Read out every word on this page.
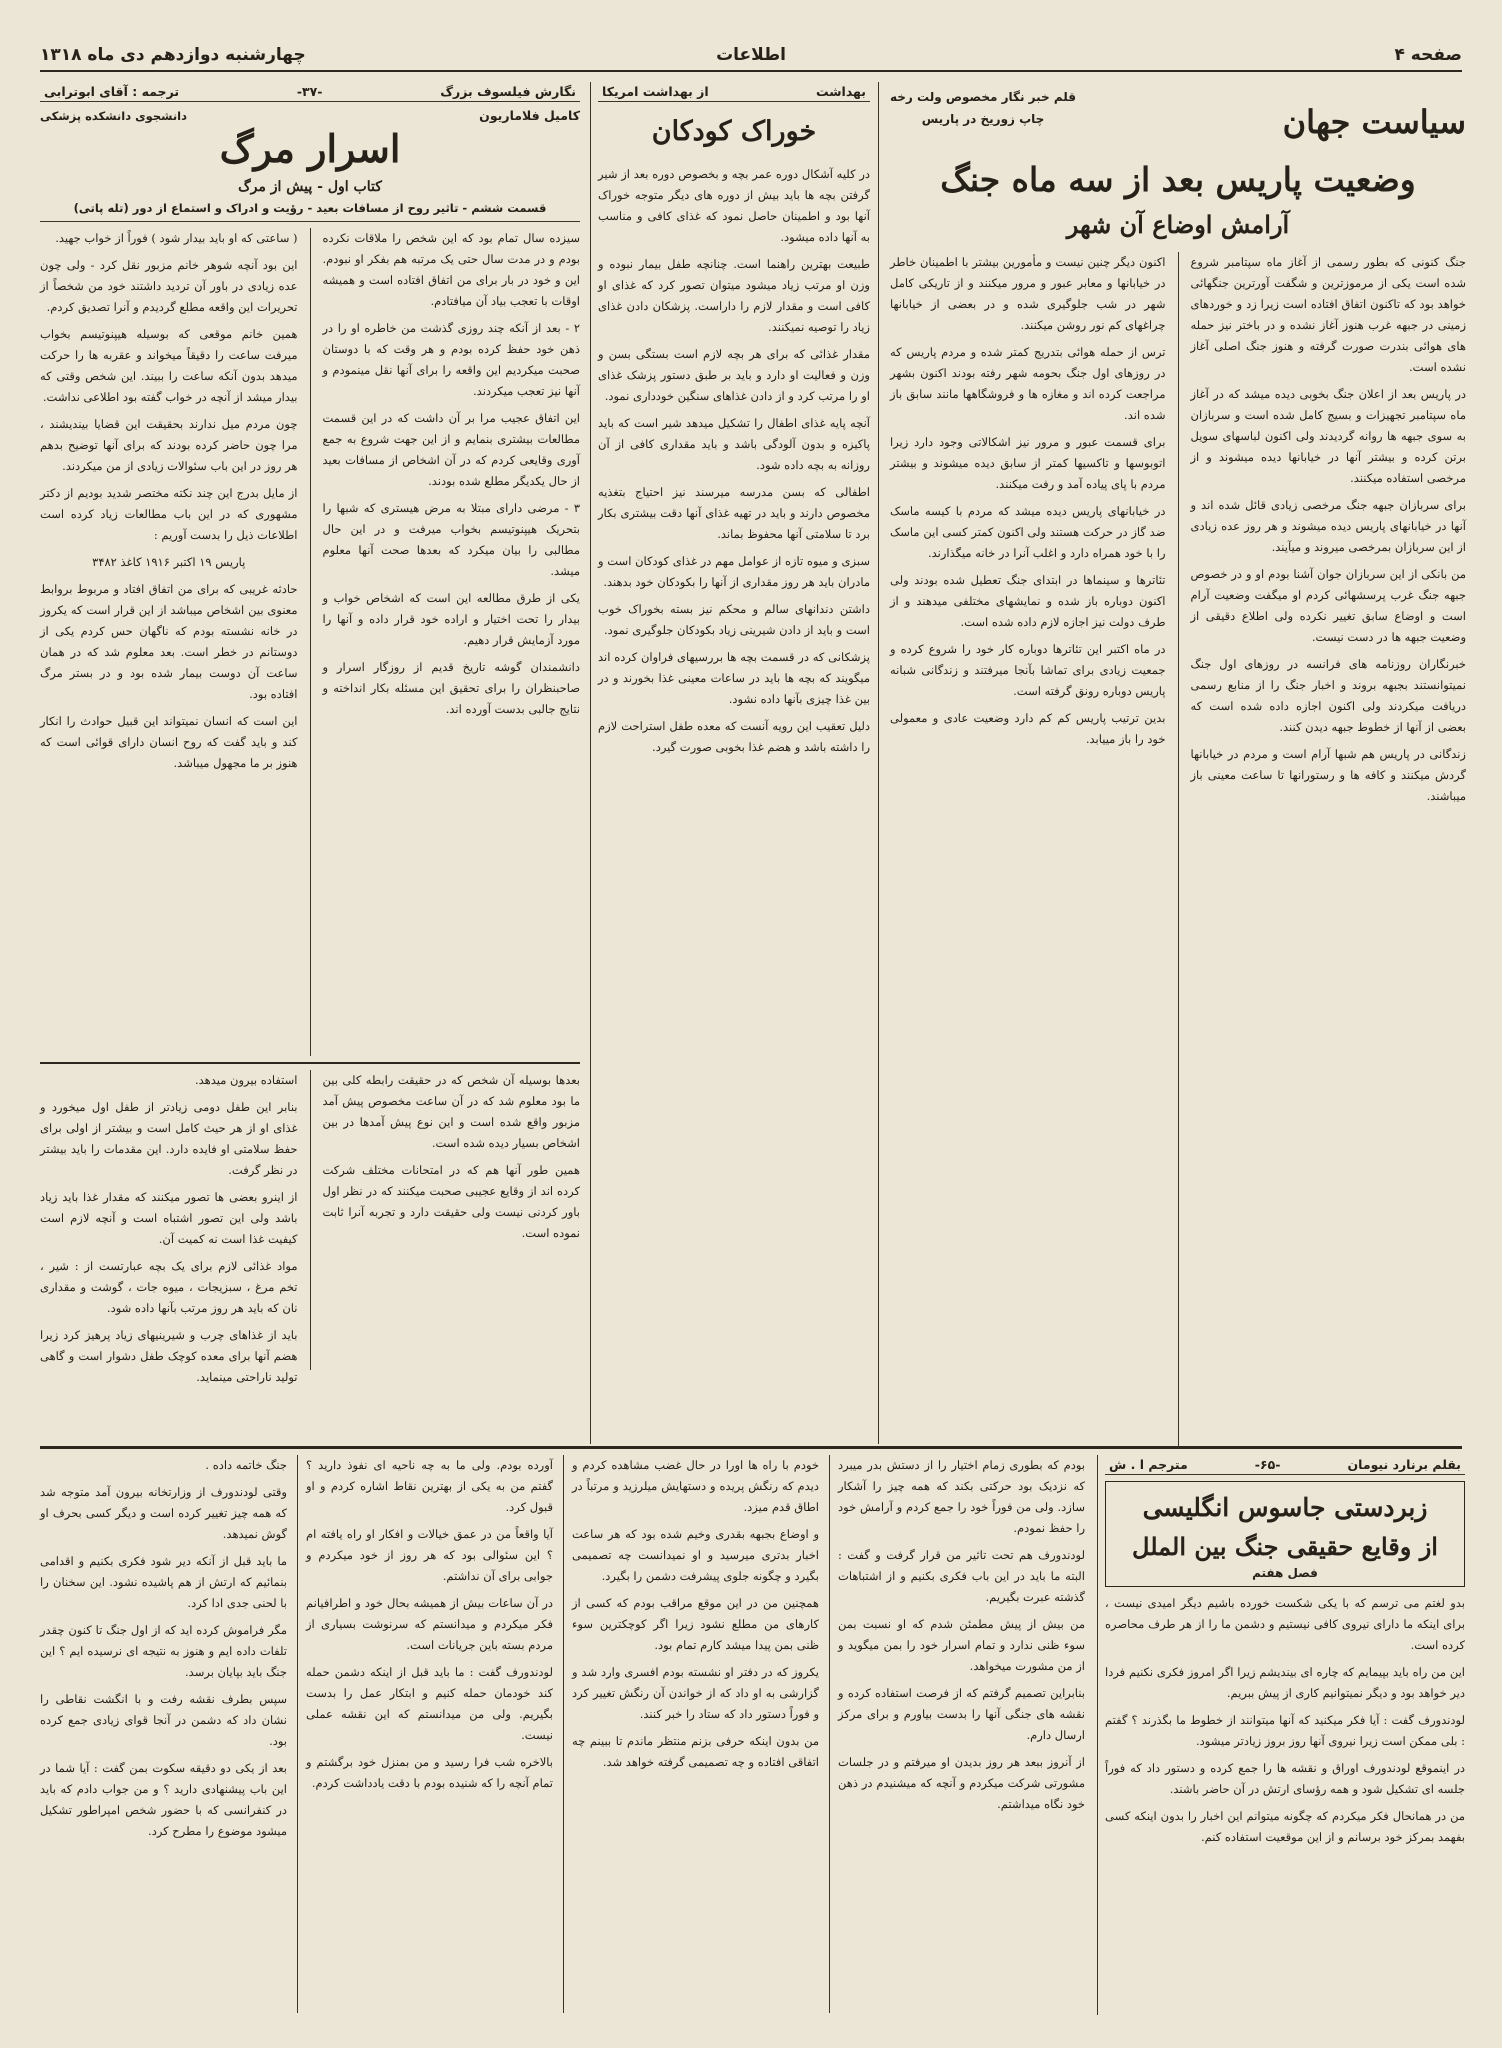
صفحه ۴
اطلاعات
چهارشنبه دوازدهم دی ماه ۱۳۱۸
سیاست جهان
قلم خبر نگار مخصوص ولت رخه
چاپ زوریخ در پاریس
وضعیت پاریس بعد از سه ماه جنگ
آرامش اوضاع آن شهر

جنگ کنونی که بطور رسمی از آغاز ماه سپتامبر شروع شده است یکی از مرموزترین و شگفت آورترین جنگهائی خواهد بود که تاکنون اتفاق افتاده است زیرا زد و خوردهای زمینی در جبهه غرب هنوز آغاز نشده و در باختر نیز حمله های هوائی بندرت صورت گرفته و هنوز جنگ اصلی آغاز نشده است.

در پاریس بعد از اعلان جنگ بخوبی دیده میشد که در آغاز ماه سپتامبر تجهیزات و بسیج کامل شده است و سربازان به سوی جبهه ها روانه گردیدند ولی اکنون لباسهای سویل برتن کرده و بیشتر آنها در خیابانها دیده میشوند و از مرخصی استفاده میکنند.

برای سربازان جبهه جنگ مرخصی زیادی قائل شده اند و آنها در خیابانهای پاریس دیده میشوند و هر روز عده زیادی از این سربازان بمرخصی میروند و میآیند.

من بانکی از این سربازان جوان آشنا بودم او و در خصوص جبهه جنگ غرب پرسشهائی کردم او میگفت وضعیت آرام است و اوضاع سابق تغییر نکرده ولی اطلاع دقیقی از وضعیت جبهه ها در دست نیست.

خبرنگاران روزنامه های فرانسه در روزهای اول جنگ نمیتوانستند بجبهه بروند و اخبار جنگ را از منابع رسمی دریافت میکردند ولی اکنون اجازه داده شده است که بعضی از آنها از خطوط جبهه دیدن کنند.

زندگانی در پاریس هم شبها آرام است و مردم در خیابانها گردش میکنند و کافه ها و رستورانها تا ساعت معینی باز میباشند.

اکنون دیگر چنین نیست و مأمورین بیشتر با اطمینان خاطر در خیابانها و معابر عبور و مرور میکنند و از تاریکی کامل شهر در شب جلوگیری شده و در بعضی از خیابانها چراغهای کم نور روشن میکنند.

ترس از حمله هوائی بتدریج کمتر شده و مردم پاریس که در روزهای اول جنگ بحومه شهر رفته بودند اکنون بشهر مراجعت کرده اند و مغازه ها و فروشگاهها مانند سابق باز شده اند.

برای قسمت عبور و مرور نیز اشکالاتی وجود دارد زیرا اتوبوسها و تاکسیها کمتر از سابق دیده میشوند و بیشتر مردم با پای پیاده آمد و رفت میکنند.

در خیابانهای پاریس دیده میشد که مردم با کیسه ماسک ضد گاز در حرکت هستند ولی اکنون کمتر کسی این ماسک را با خود همراه دارد و اغلب آنرا در خانه میگذارند.

تئاترها و سینماها در ابتدای جنگ تعطیل شده بودند ولی اکنون دوباره باز شده و نمایشهای مختلفی میدهند و از طرف دولت نیز اجازه لازم داده شده است.

در ماه اکتبر این تئاترها دوباره کار خود را شروع کرده و جمعیت زیادی برای تماشا بآنجا میرفتند و زندگانی شبانه پاریس دوباره رونق گرفته است.

بدین ترتیب پاریس کم کم دارد وضعیت عادی و معمولی خود را باز مییابد.

بهداشت
از بهداشت امریکا
خوراک کودکان

در کلیه آشکال دوره عمر بچه و بخصوص دوره بعد از شیر گرفتن بچه ها باید بیش از دوره های دیگر متوجه خوراک آنها بود و اطمینان حاصل نمود که غذای کافی و مناسب به آنها داده میشود.

طبیعت بهترین راهنما است. چنانچه طفل بیمار نبوده و وزن او مرتب زیاد میشود میتوان تصور کرد که غذای او کافی است و مقدار لازم را داراست. پزشکان دادن غذای زیاد را توصیه نمیکنند.

مقدار غذائی که برای هر بچه لازم است بستگی بسن و وزن و فعالیت او دارد و باید بر طبق دستور پزشک غذای او را مرتب کرد و از دادن غذاهای سنگین خودداری نمود.

آنچه پایه غذای اطفال را تشکیل میدهد شیر است که باید پاکیزه و بدون آلودگی باشد و باید مقداری کافی از آن روزانه به بچه داده شود.

اطفالی که بسن مدرسه میرسند نیز احتیاج بتغذیه مخصوص دارند و باید در تهیه غذای آنها دقت بیشتری بکار برد تا سلامتی آنها محفوظ بماند.

سبزی و میوه تازه از عوامل مهم در غذای کودکان است و مادران باید هر روز مقداری از آنها را بکودکان خود بدهند.

داشتن دندانهای سالم و محکم نیز بسته بخوراک خوب است و باید از دادن شیرینی زیاد بکودکان جلوگیری نمود.

پزشکانی که در قسمت بچه ها بررسیهای فراوان کرده اند میگویند که بچه ها باید در ساعات معینی غذا بخورند و در بین غذا چیزی بآنها داده نشود.

دلیل تعقیب این رویه آنست که معده طفل استراحت لازم را داشته باشد و هضم غذا بخوبی صورت گیرد.

نگارش فیلسوف بزرگ
-۳۷-
ترجمه : آقای ابوترابی
کامیل فلاماریون
دانشجوی دانشکده پزشکی
اسرار مرگ
کتاب اول - پیش از مرگ
قسمت ششم - تاثیر روح از مسافات بعید - رؤیت و ادراک و استماع از دور (تله پاتی)

سیزده سال تمام بود که این شخص را ملاقات نکرده بودم و در مدت سال حتی یک مرتبه هم بفکر او نبودم. این و خود در بار برای من اتفاق افتاده است و همیشه اوقات با تعجب بیاد آن میافتادم.

۲ - بعد از آنکه چند روزی گذشت من خاطره او را در ذهن خود حفظ کرده بودم و هر وقت که با دوستان صحبت میکردیم این واقعه را برای آنها نقل مینمودم و آنها نیز تعجب میکردند.

این اتفاق عجیب مرا بر آن داشت که در این قسمت مطالعات بیشتری بنمایم و از این جهت شروع به جمع آوری وقایعی کردم که در آن اشخاص از مسافات بعید از حال یکدیگر مطلع شده بودند.

۳ - مرضی دارای مبتلا به مرض هیستری که شبها را بتحریک هیپنوتیسم بخواب میرفت و در این حال مطالبی را بیان میکرد که بعدها صحت آنها معلوم میشد.

یکی از طرق مطالعه این است که اشخاص خواب و بیدار را تحت اختیار و اراده خود قرار داده و آنها را مورد آزمایش قرار دهیم.

دانشمندان گوشه تاریخ قدیم از روزگار اسرار و صاحبنظران را برای تحقیق این مسئله بکار انداخته و نتایج جالبی بدست آورده اند.

( ساعتی که او باید بیدار شود ) فوراً از خواب جهید.

این بود آنچه شوهر خانم مزبور نقل کرد - ولی چون عده زیادی در باور آن تردید داشتند خود من شخصاً از تحریرات این واقعه مطلع گردیدم و آنرا تصدیق کردم.

همین خانم موقعی که بوسیله هیپنوتیسم بخواب میرفت ساعت را دقیقاً میخواند و عقربه ها را حرکت میدهد بدون آنکه ساعت را ببیند. این شخص وقتی که بیدار میشد از آنچه در خواب گفته بود اطلاعی نداشت.

چون مردم میل ندارند بحقیقت این قضایا بیندیشند ، مرا چون حاضر کرده بودند که برای آنها توضیح بدهم هر روز در این باب سئوالات زیادی از من میکردند.

از مایل بدرج این چند نکته مختصر شدید بودیم از دکتر مشهوری که در این باب مطالعات زیاد کرده است اطلاعات ذیل را بدست آوریم :

پاریس ۱۹ اکتبر ۱۹۱۶ کاغذ ۳۴۸۲

حادثه غریبی که برای من اتفاق افتاد و مربوط بروابط معنوی بین اشخاص میباشد از این قرار است که یکروز در خانه نشسته بودم که ناگهان حس کردم یکی از دوستانم در خطر است. بعد معلوم شد که در همان ساعت آن دوست بیمار شده بود و در بستر مرگ افتاده بود.

این است که انسان نمیتواند این قبیل حوادث را انکار کند و باید گفت که روح انسان دارای قوائی است که هنوز بر ما مجهول میباشد.

بعدها بوسیله آن شخص که در حقیقت رابطه کلی بین ما بود معلوم شد که در آن ساعت مخصوص پیش آمد مزبور واقع شده است و این نوع پیش آمدها در بین اشخاص بسیار دیده شده است.

همین طور آنها هم که در امتحانات مختلف شرکت کرده اند از وقایع عجیبی صحبت میکنند که در نظر اول باور کردنی نیست ولی حقیقت دارد و تجربه آنرا ثابت نموده است.

استفاده بیرون میدهد.

بنابر این طفل دومی زیادتر از طفل اول میخورد و غذای او از هر حیث کامل است و بیشتر از اولی برای حفظ سلامتی او فایده دارد. این مقدمات را باید بیشتر در نظر گرفت.

از اینرو بعضی ها تصور میکنند که مقدار غذا باید زیاد باشد ولی این تصور اشتباه است و آنچه لازم است کیفیت غذا است نه کمیت آن.

مواد غذائی لازم برای یک بچه عبارتست از : شیر ، تخم مرغ ، سبزیجات ، میوه جات ، گوشت و مقداری نان که باید هر روز مرتب بآنها داده شود.

باید از غذاهای چرب و شیرینیهای زیاد پرهیز کرد زیرا هضم آنها برای معده کوچک طفل دشوار است و گاهی تولید ناراحتی مینماید.

بقلم برنارد نیومان
-۶۵-
مترجم ا . ش
زبردستی جاسوس انگلیسی
از وقایع حقیقی جنگ بین الملل
فصل هفتم

بدو لغتم می ترسم که با یکی شکست خورده باشیم دیگر امیدی نیست ، برای اینکه ما دارای نیروی کافی نیستیم و دشمن ما را از هر طرف محاصره کرده است.

این من راه باید بپیمایم که چاره ای بیندیشم زیرا اگر امروز فکری نکنیم فردا دیر خواهد بود و دیگر نمیتوانیم کاری از پیش ببریم.

لودندورف گفت : آیا فکر میکنید که آنها میتوانند از خطوط ما بگذرند ؟ گفتم : بلی ممکن است زیرا نیروی آنها روز بروز زیادتر میشود.

در اینموقع لودندورف اوراق و نقشه ها را جمع کرده و دستور داد که فوراً جلسه ای تشکیل شود و همه رؤسای ارتش در آن حاضر باشند.

من در همانحال فکر میکردم که چگونه میتوانم این اخبار را بدون اینکه کسی بفهمد بمرکز خود برسانم و از این موقعیت استفاده کنم.

بودم که بطوری زمام اختیار را از دستش بدر میبرد که نزدیک بود حرکتی بکند که همه چیز را آشکار سازد. ولی من فوراً خود را جمع کردم و آرامش خود را حفظ نمودم.

لودندورف هم تحت تاثیر من قرار گرفت و گفت : البته ما باید در این باب فکری بکنیم و از اشتباهات گذشته عبرت بگیریم.

من بیش از پیش مطمئن شدم که او نسبت بمن سوء ظنی ندارد و تمام اسرار خود را بمن میگوید و از من مشورت میخواهد.

بنابراین تصمیم گرفتم که از فرصت استفاده کرده و نقشه های جنگی آنها را بدست بیاورم و برای مرکز ارسال دارم.

از آنروز ببعد هر روز بدیدن او میرفتم و در جلسات مشورتی شرکت میکردم و آنچه که میشنیدم در ذهن خود نگاه میداشتم.

خودم با راه ها اورا در حال غضب مشاهده کردم و دیدم که رنگش پریده و دستهایش میلرزید و مرتباً در اطاق قدم میزد.

و اوضاع بجبهه بقدری وخیم شده بود که هر ساعت اخبار بدتری میرسید و او نمیدانست چه تصمیمی بگیرد و چگونه جلوی پیشرفت دشمن را بگیرد.

همچنین من در این موقع مراقب بودم که کسی از کارهای من مطلع نشود زیرا اگر کوچکترین سوء ظنی بمن پیدا میشد کارم تمام بود.

یکروز که در دفتر او نشسته بودم افسری وارد شد و گزارشی به او داد که از خواندن آن رنگش تغییر کرد و فوراً دستور داد که ستاد را خبر کنند.

من بدون اینکه حرفی بزنم منتظر ماندم تا ببینم چه اتفاقی افتاده و چه تصمیمی گرفته خواهد شد.

آورده بودم. ولی ما به چه ناحیه ای نفوذ دارید ؟ گفتم من به یکی از بهترین نقاط اشاره کردم و او قبول کرد.

آیا واقعاً من در عمق خیالات و افکار او راه یافته ام ؟ این سئوالی بود که هر روز از خود میکردم و جوابی برای آن نداشتم.

در آن ساعات بیش از همیشه بحال خود و اطرافیانم فکر میکردم و میدانستم که سرنوشت بسیاری از مردم بسته باین جریانات است.

لودندورف گفت : ما باید قبل از اینکه دشمن حمله کند خودمان حمله کنیم و ابتکار عمل را بدست بگیریم. ولی من میدانستم که این نقشه عملی نیست.

بالاخره شب فرا رسید و من بمنزل خود برگشتم و تمام آنچه را که شنیده بودم با دقت یادداشت کردم.

جنگ خاتمه داده .

وقتی لودندورف از وزارتخانه بیرون آمد متوجه شد که همه چیز تغییر کرده است و دیگر کسی بحرف او گوش نمیدهد.

ما باید قبل از آنکه دیر شود فکری بکنیم و اقدامی بنمائیم که ارتش از هم پاشیده نشود. این سخنان را با لحنی جدی ادا کرد.

مگر فراموش کرده اید که از اول جنگ تا کنون چقدر تلفات داده ایم و هنوز به نتیجه ای نرسیده ایم ؟ این جنگ باید بپایان برسد.

سپس بطرف نقشه رفت و با انگشت نقاطی را نشان داد که دشمن در آنجا قوای زیادی جمع کرده بود.

بعد از یکی دو دقیقه سکوت بمن گفت : آیا شما در این باب پیشنهادی دارید ؟ و من جواب دادم که باید در کنفرانسی که با حضور شخص امپراطور تشکیل میشود موضوع را مطرح کرد.
